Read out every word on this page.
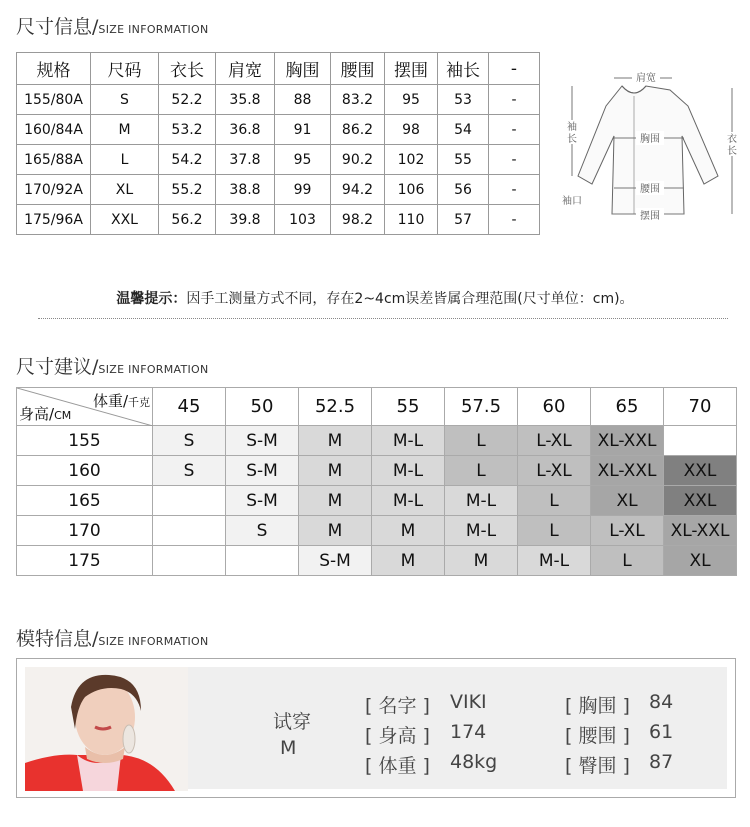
尺寸信息 / SIZE INFORMATION
规格	尺码	衣长	肩宽	胸围	腰围	摆围	袖长	-
155/80A	S	52.2	35.8	88	83.2	95	53	-
160/84A	M	53.2	36.8	91	86.2	98	54	-
165/88A	L	54.2	37.8	95	90.2	102	55	-
170/92A	XL	55.2	38.8	99	94.2	106	56	-
175/96A	XXL	56.2	39.8	103	98.2	110	57	-
肩宽
袖
长	衣
长
胸围
腰围
袖口
摆围
温馨提示：因手工测量方式不同，存在2~4cm误差皆属合理范围(尺寸单位：cm)。
尺寸建议 / SIZE INFORMATION
体重/千克
身高/CM	45	50	52.5	55	57.5	60	65	70
155	S	S-M	M	M-L	L	L-XL	XL-XXL	
160	S	S-M	M	M-L	L	L-XL	XL-XXL	XXL
165		S-M	M	M-L	M-L	L	XL	XXL
170		S	M	M	M-L	L	L-XL	XL-XXL
175			S-M	M	M	M-L	L	XL
模特信息 / SIZE INFORMATION
试穿
M
[ 名字 ] VIKI
[ 身高 ] 174
[ 体重 ] 48kg
[ 胸围 ] 84
[ 腰围 ] 61
[ 臀围 ] 87
